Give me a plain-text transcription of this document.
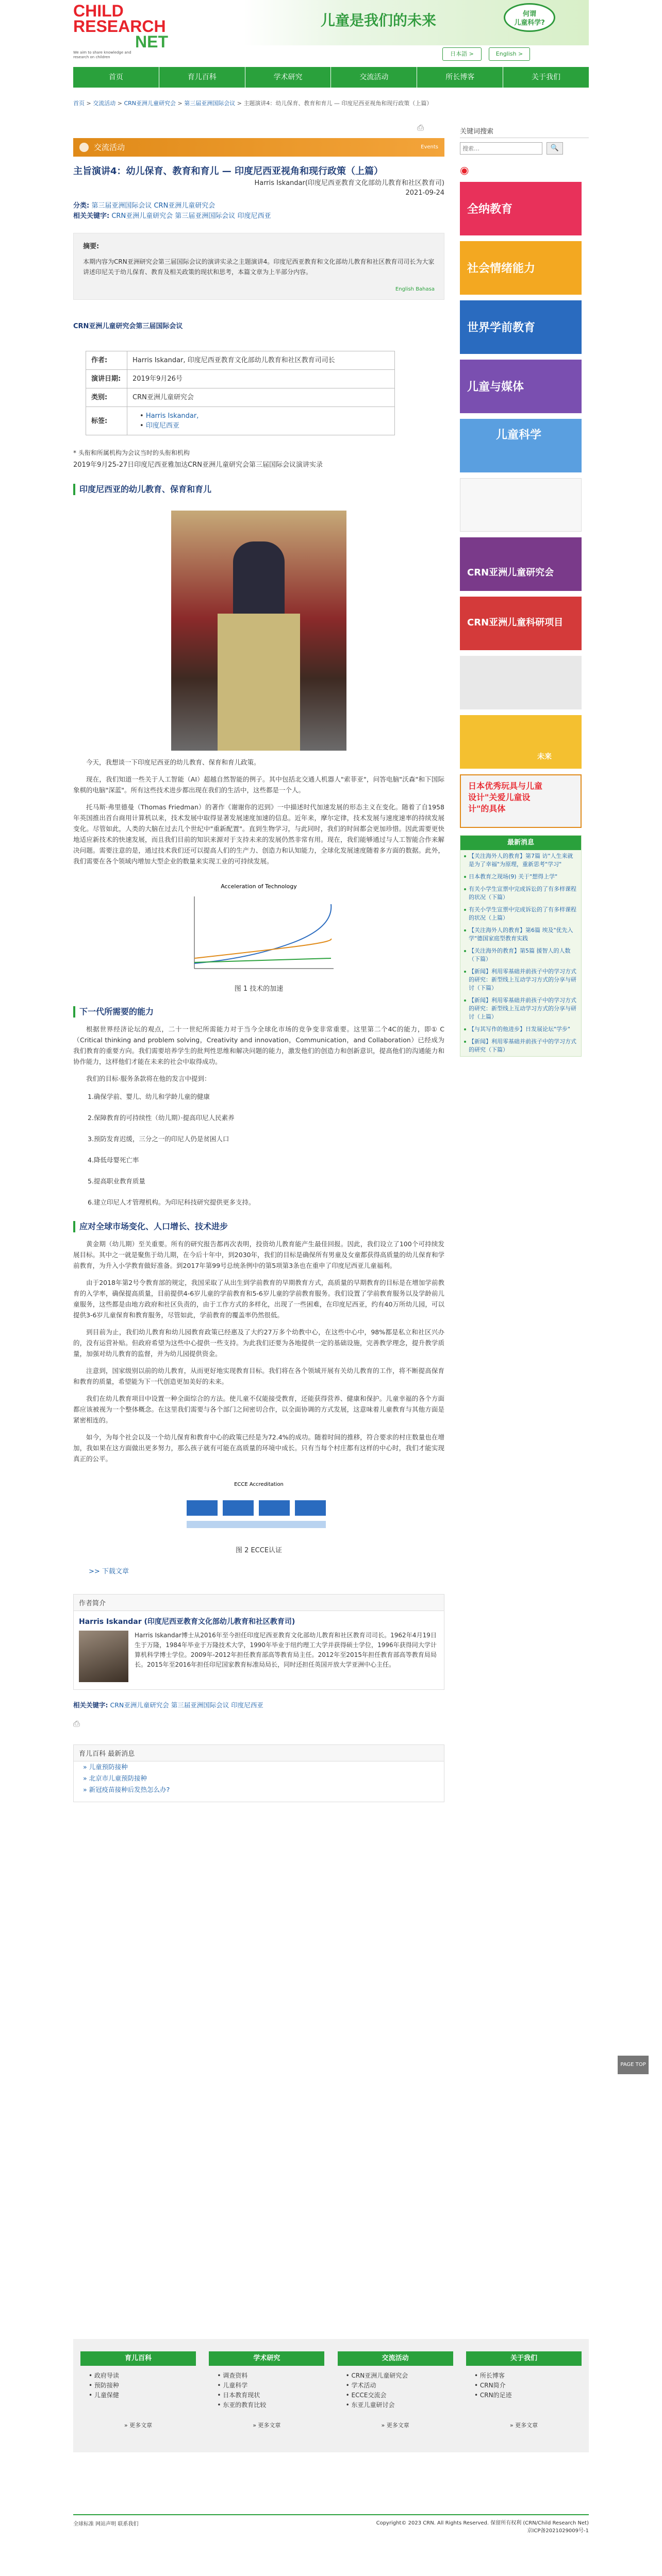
CHILD
RESEARCH
NET
We aim to share knowledge and research on children
儿童是我们的未来	何谓
儿童科学?
日本語 >	English >
首页	育儿百科	学术研究	交流活动	所长博客	关于我们
首页 > 交流活动 > CRN亚洲儿童研究会 > 第三届亚洲国际会议 > 主题演讲4：幼儿保育、教育和育儿 — 印度尼西亚视角和现行政策（上篇）
⎙
交流活动	Events
主旨演讲4：幼儿保育、教育和育儿 — 印度尼西亚视角和现行政策（上篇）
Harris Iskandar(印度尼西亚教育文化部幼儿教育和社区教育司)
2021-09-24
分类: 第三届亚洲国际会议 CRN亚洲儿童研究会
相关关键字: CRN亚洲儿童研究会 第三届亚洲国际会议 印度尼西亚
摘要:
本期内容为CRN亚洲研究会第三届国际会议的演讲实录之主题演讲4。印度尼西亚教育和文化部幼儿教育和社区教育司司长为大家讲述印尼关于幼儿保育、教育及相关政策的现状和思考，本篇文章为上半部分内容。
English Bahasa
CRN亚洲儿童研究会第三届国际会议
作者:	Harris Iskandar, 印度尼西亚教育文化部幼儿教育和社区教育司司长
演讲日期:	2019年9月26号
类别:	CRN亚洲儿童研究会
标签:	• Harris Iskandar,
• 印度尼西亚
* 头衔和所属机构为会议当时的头衔和机构
2019年9月25-27日印度尼西亚雅加达CRN亚洲儿童研究会第三届国际会议演讲实录
印度尼西亚的幼儿教育、保育和育儿
今天，我想谈一下印度尼西亚的幼儿教育、保育和育儿政策。
现在，我们知道一些关于人工智能（AI）超越自然智能的例子。其中包括北交通人机器人"索菲亚"，问答电脑"沃森"和下国际象棋的电脑"深蓝"。所有这些技术进步都出现在我们的生活中，这些都是一个人。
托马斯·弗里德曼（Thomas Friedman）的著作《谢谢你的迟到》一中描述时代加速发展的形态主义在变化。随着了自1958年英国推出首台商用计算机以来，技术发展中取得显著发展速度加速的信息。近年来，摩尔定律，技术发展与速度速率的持续发展变化。尽管如此，人类的大脑在过去几个世纪中"重新配置"。直到生物学习，与此同时，我们的时间都会更加珍惜。因此需要更快地适应新技术的快速发展，而且我们目前的知识来源对于支持未来的发展仍然非常有用。现在，我们能够通过与人工智能合作来解决问题。需要注意的是，通过技术我们还可以提高人们的生产力、创造力和认知能力，全球化发展速度随着多方面的数据。此外，我们需要在各个领域内增加大型企业的数量来实现工业的可持续发展。
Acceleration of Technology
图 1 技术的加速
下一代所需要的能力
根据世界经济论坛的观点，二十一世纪所需能力对于当今全球化市场的竞争变非常重要。这里第二个4C的能力，即① C（Critical thinking and problem solving，Creativity and innovation，Communication，and Collaboration）已经成为我们教育的重要方向。我们需要培养学生的批判性思维和解决问题的能力，激发他们的创造力和创新意识，提高他们的沟通能力和协作能力，这样他们才能在未来的社会中取得成功。
我们的目标·服务条款将在他的发言中提到：
1.确保学前、婴儿、幼儿和学龄儿童的健康
2.保障教育的可持续性（幼儿期）·提高印尼人民素养
3.预防发育迟缓，三分之一的印尼人仍是贫困人口
4.降低母婴死亡率
5.提高职业教育质量
6.建立印尼人才管理机构。为印尼科技研究提供更多支持。
应对全球市场变化、人口增长、技术进步
黄金期（幼儿期）至关重要。所有的研究报告都再次表明，投资幼儿教育能产生最佳回报。因此，我们设立了100个可持续发展目标。其中之一就是聚焦于幼儿期，在今后十年中，到2030年，我们的目标是确保所有男童及女童都获得高质量的幼儿保育和学前教育，为升入小学教育做好准备。到2017年第99号总统条例中的第5项第3条也在重申了印度尼西亚儿童福利。
由于2018年第2号令教育部的规定，我国采取了从出生到学前教育的早期教育方式，高质量的早期教育的目标是在增加学前教育的入学率，确保提高质量，目前提供4-6岁儿童的学前教育和5-6岁儿童的学前教育服务。我们设置了学前教育服务以及学龄前儿童服务，这些都是由地方政府和社区负责的，由于工作方式的多样化，出现了一些困难，在印度尼西亚，约有40万所幼儿园，可以提供3-6岁儿童保育和教育服务，尽管如此，学前教育的覆盖率仍然很低。
到目前为止，我们幼儿教育和幼儿园教育政策已经惠及了大约27万多个幼教中心，在这些中心中，98%都是私立和社区兴办的，没有运营补贴。但政府希望为这些中心提供一些支持。为此我们还要为各地提供一定的基础设施，完善教学理念，提升教学质量，加强对幼儿教育的监督，并为幼儿园提供资金。
注意到，国家级别以前的幼儿教育，从而更好地实现教育目标。我们将在各个领域开展有关幼儿教育的工作，将不断提高保育和教育的质量，希望能为下一代创造更加美好的未来。
我们在幼儿教育项目中设置一种全面综合的方法。使儿童不仅能接受教育，还能获得营养、健康和保护。儿童幸福的各个方面都应该被视为一个整体概念。在这里我们需要与各个部门之间密切合作，以全面协调的方式发展，这意味着儿童教育与其他方面是紧密相连的。
如今，为每个社会以及一个幼儿保育和教育中心的政策已经是为72.4%的成功。随着时间的推移，符合要求的村庄数量也在增加，我如果在这方面做出更多努力，那么孩子就有可能在高质量的环境中成长。只有当每个村庄都有这样的中心时，我们才能实现真正的公平。
ECCE Accreditation
图 2 ECCE认证
>> 下载文章
作者简介
Harris Iskandar (印度尼西亚教育文化部幼儿教育和社区教育司)
Harris Iskandar博士从2016年至今担任印度尼西亚教育文化部幼儿教育和社区教育司司长。1962年4月19日生于万隆，1984年毕业于万隆技术大学，1990年毕业于纽约理工大学并获得硕士学位，1996年获得同大学计算机科学博士学位。2009年-2012年担任教育部高等教育局主任。2012年至2015年担任教育部高等教育局局长。2015年至2016年担任印尼国家教育标准局局长，同时还担任英国开放大学亚洲中心主任。
相关关键字: CRN亚洲儿童研究会 第三届亚洲国际会议 印度尼西亚
⎙
育儿百科 最新消息
» 儿童预防接种
» 北京市儿童预防接种
» 新冠疫苗接种后发热怎么办?
关键词搜索
搜索…
🔍
◉
全纳教育
社会情绪能力
世界学前教育
儿童与媒体
儿童科学
CRN亚洲儿童研究会
CRN亚洲儿童科研项目
未来
日本优秀玩具与儿童设计"关爱儿童设计"的具体
最新消息
【关注海外人的教育】第7篇 访"人生来就是为了幸福"为原理，重新思考"学习"
日本教育之现场(9) 关于"想得上学"
有关小学生宣票中完成诉讼的了有多样课程的状况（下篇）
有关小学生宣票中完成诉讼的了有多样课程的状况（上篇）
【关注海外人的教育】第6篇 埃及"优先入学"德国家庭型教育实践
【关注海外的教育】第5篇 援智人的人数（下篇）
【新闻】利用零基础并前孩子中的学习方式的研究：新型线上互动学习方式的分享与研讨（下篇）
【新闻】利用零基础并前孩子中的学习方式的研究：新型线上互动学习方式的分享与研讨（上篇）
【与其写作的他进步】日发展论坛"学步"
【新闻】利用零基础并前孩子中的学习方式的研究（下篇）
育儿百科
• 政府导读
• 预防接种
• 儿童保健
» 更多文章
学术研究
• 调查资料
• 儿童科学
• 日本教育现状
• 东亚的教育比较
» 更多文章
交流活动
• CRN亚洲儿童研究会
• 学术活动
• ECCE交流会
• 东亚儿童研讨会
» 更多文章
关于我们
• 所长博客
• CRN简介
• CRN的足迹
» 更多文章
全球标准 网站声明 联系我们	Copyright© 2023 CRN. All Rights Reserved. 保留所有权利 (CRN/Child Research Net)
京ICP备2021029009号-1
PAGE TOP
